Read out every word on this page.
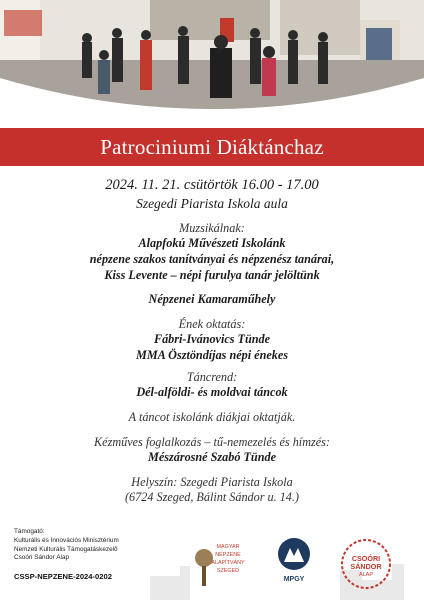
Patrociniumi Diáktánchaz
2024. 11. 21. csütörtök 16.00 - 17.00
Szegedi Piarista Iskola aula
Muzsikálnak:
Alapfokú Művészeti Iskolánk
népzene szakos tanítványai és népzenész tanárai,
Kiss Levente – népi furulya tanár jelöltünk
Népzenei Kamaraműhely
Ének oktatás:
Fábri-Ivánovics Tünde
MMA Ösztöndíjas népi énekes
Táncrend:
Dél-alföldi- és moldvai táncok
A táncot iskolánk diákjai oktatják.
Kézműves foglalkozás – tű-nemezelés és hímzés:
Mészárosné Szabó Tünde
Helyszín: Szegedi Piarista Iskola
(6724 Szeged, Bálint Sándor u. 14.)
Támogató:
Kulturális és Innovációs Minisztérium
Nemzeti Kulturális Támogatáskezelő
Csoóri Sándor Alap
CSSP-NEPZENE-2024-0202
MAGYAR
NÉPZENE
ALAPÍTVÁNY
SZEGED
MPGY
CSOÓRI
SÁNDOR
ALAP
